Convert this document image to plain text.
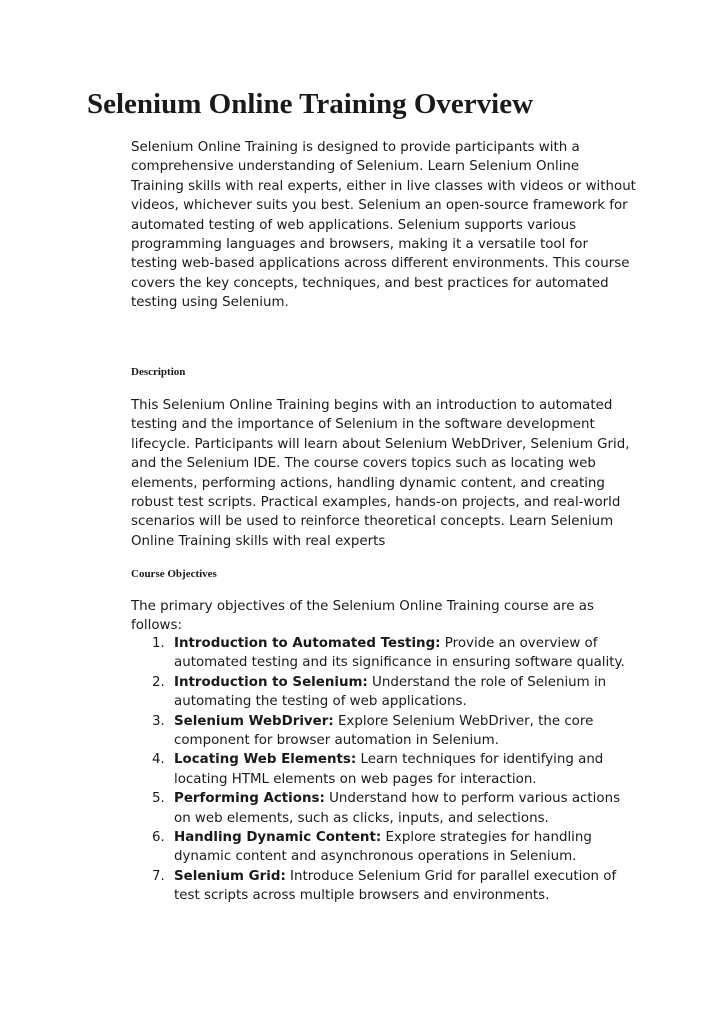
Selenium Online Training Overview

Selenium Online Training is designed to provide participants with a comprehensive understanding of Selenium. Learn Selenium Online Training skills with real experts, either in live classes with videos or without videos, whichever suits you best. Selenium an open-source framework for automated testing of web applications. Selenium supports various programming languages and browsers, making it a versatile tool for testing web-based applications across different environments. This course covers the key concepts, techniques, and best practices for automated testing using Selenium.

Description

This Selenium Online Training begins with an introduction to automated testing and the importance of Selenium in the software development lifecycle. Participants will learn about Selenium WebDriver, Selenium Grid, and the Selenium IDE. The course covers topics such as locating web elements, performing actions, handling dynamic content, and creating robust test scripts. Practical examples, hands-on projects, and real-world scenarios will be used to reinforce theoretical concepts. Learn Selenium Online Training skills with real experts

Course Objectives

The primary objectives of the Selenium Online Training course are as follows:

1. Introduction to Automated Testing: Provide an overview of automated testing and its significance in ensuring software quality.
2. Introduction to Selenium: Understand the role of Selenium in automating the testing of web applications.
3. Selenium WebDriver: Explore Selenium WebDriver, the core component for browser automation in Selenium.
4. Locating Web Elements: Learn techniques for identifying and locating HTML elements on web pages for interaction.
5. Performing Actions: Understand how to perform various actions on web elements, such as clicks, inputs, and selections.
6. Handling Dynamic Content: Explore strategies for handling dynamic content and asynchronous operations in Selenium.
7. Selenium Grid: Introduce Selenium Grid for parallel execution of test scripts across multiple browsers and environments.
